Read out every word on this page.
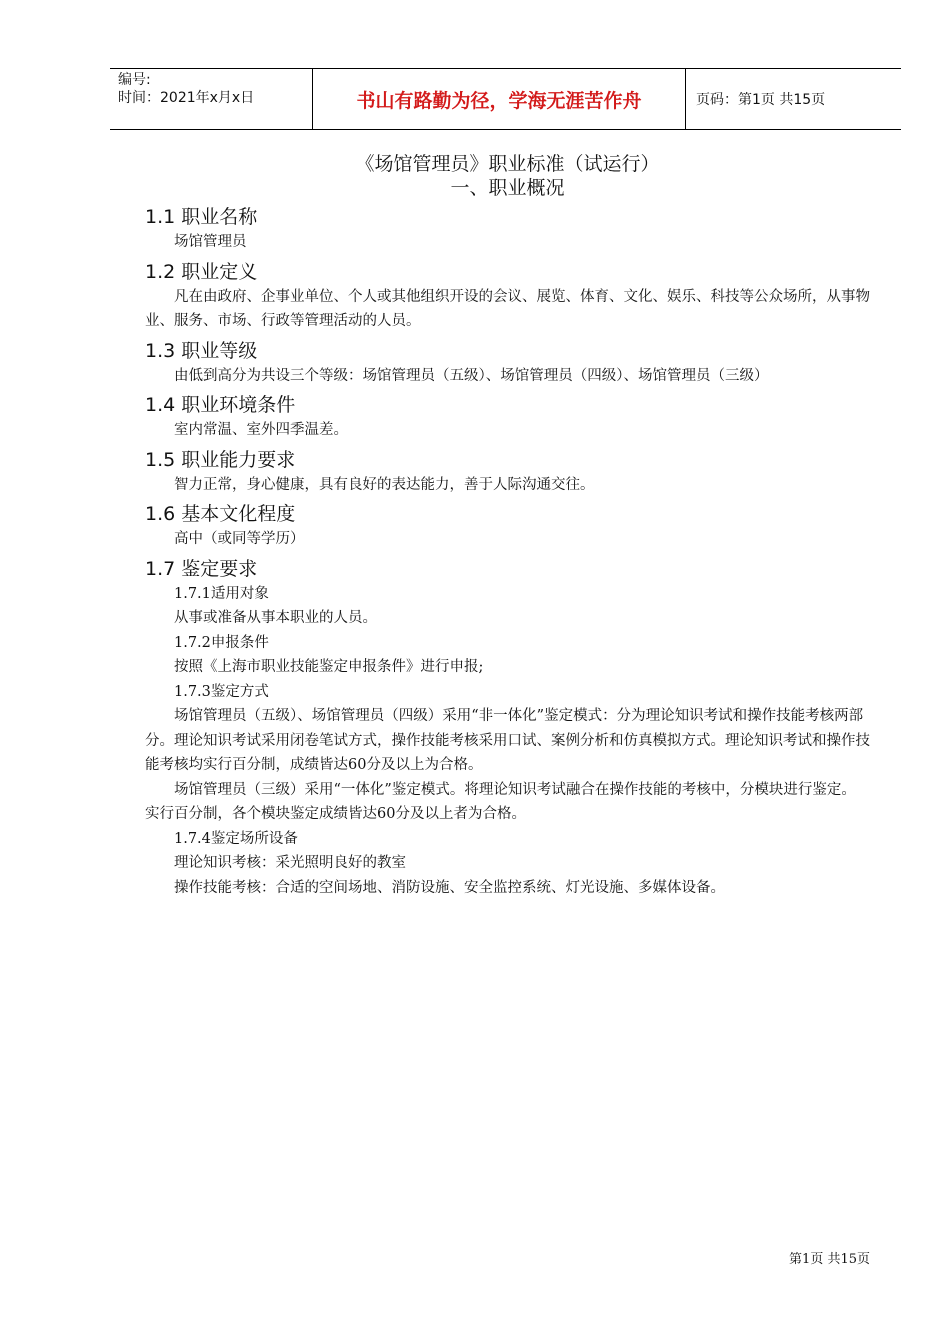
编号:
时间：2021年x月x日	书山有路勤为径，学海无涯苦作舟	页码：第1页 共15页
《场馆管理员》职业标准（试运行）
一、职业概况
1.1 职业名称

场馆管理员

1.2 职业定义

凡在由政府、企事业单位、个人或其他组织开设的会议、展览、体育、文化、娱乐、科技等公众场所，从事物业、服务、市场、行政等管理活动的人员。

1.3 职业等级

由低到高分为共设三个等级：场馆管理员（五级）、场馆管理员（四级）、场馆管理员（三级）

1.4 职业环境条件

室内常温、室外四季温差。

1.5 职业能力要求

智力正常，身心健康，具有良好的表达能力，善于人际沟通交往。

1.6 基本文化程度

高中（或同等学历）

1.7 鉴定要求

1.7.1适用对象

从事或准备从事本职业的人员。

1.7.2申报条件

按照《上海市职业技能鉴定申报条件》进行申报;

1.7.3鉴定方式

场馆管理员（五级）、场馆管理员（四级）采用“非一体化”鉴定模式：分为理论知识考试和操作技能考核两部分。理论知识考试采用闭卷笔试方式，操作技能考核采用口试、案例分析和仿真模拟方式。理论知识考试和操作技能考核均实行百分制，成绩皆达60分及以上为合格。

场馆管理员（三级）采用“一体化”鉴定模式。将理论知识考试融合在操作技能的考核中，分模块进行鉴定。实行百分制，各个模块鉴定成绩皆达60分及以上者为合格。

1.7.4鉴定场所设备

理论知识考核：采光照明良好的教室

操作技能考核：合适的空间场地、消防设施、安全监控系统、灯光设施、多媒体设备。

第1页 共15页
